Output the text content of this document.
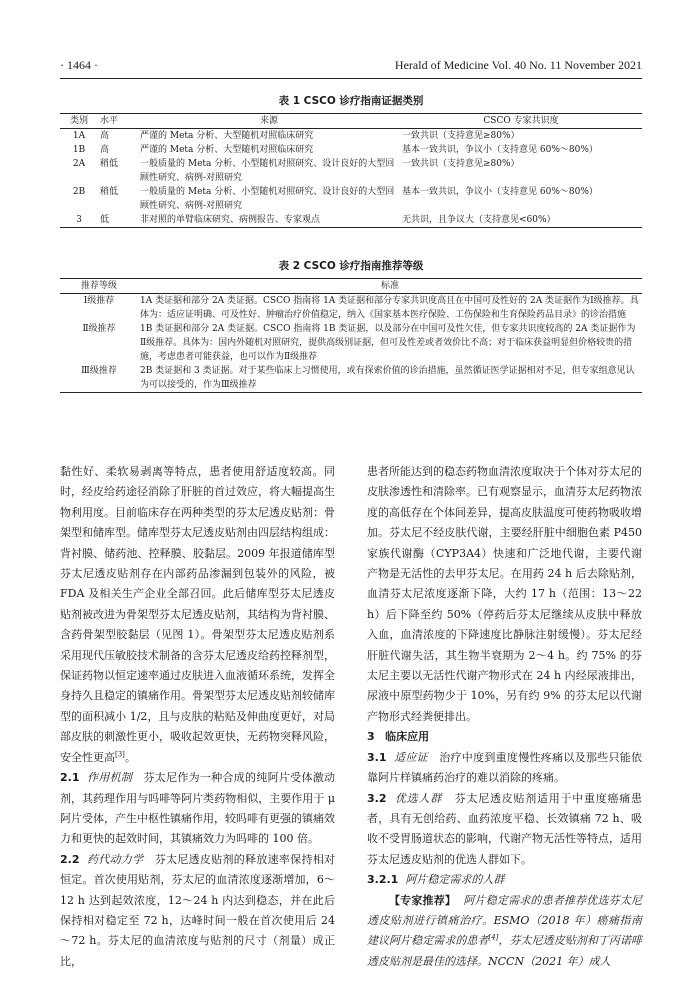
· 1464 ·	Herald of Medicine Vol. 40 No. 11 November 2021
表 1 CSCO 诊疗指南证据类别
类别	水平	来源	CSCO 专家共识度
1A	高	严谨的 Meta 分析、大型随机对照临床研究	一致共识（支持意见≥80%）
1B	高	严谨的 Meta 分析、大型随机对照临床研究	基本一致共识，争议小（支持意见 60%～80%）
2A	稍低	一般质量的 Meta 分析、小型随机对照研究、设计良好的大型回顾性研究、病例-对照研究	一致共识（支持意见≥80%）
2B	稍低	一般质量的 Meta 分析、小型随机对照研究、设计良好的大型回顾性研究、病例-对照研究	基本一致共识，争议小（支持意见 60%～80%）
3	低	非对照的单臂临床研究、病例报告、专家观点	无共识，且争议大（支持意见<60%）
表 2 CSCO 诊疗指南推荐等级
推荐等级	标准
Ⅰ级推荐	1A 类证据和部分 2A 类证据。CSCO 指南将 1A 类证据和部分专家共识度高且在中国可及性好的 2A 类证据作为Ⅰ级推荐。具体为：适应证明确、可及性好、肿瘤治疗价值稳定，纳入《国家基本医疗保险、工伤保险和生育保险药品目录》的诊治措施
Ⅱ级推荐	1B 类证据和部分 2A 类证据。CSCO 指南将 1B 类证据，以及部分在中国可及性欠佳，但专家共识度较高的 2A 类证据作为Ⅱ级推荐。具体为：国内外随机对照研究，提供高级别证据，但可及性差或者效价比不高；对于临床获益明显但价格较贵的措施，考虑患者可能获益，也可以作为Ⅱ级推荐
Ⅲ级推荐	2B 类证据和 3 类证据。对于某些临床上习惯使用，或有探索价值的诊治措施，虽然循证医学证据相对不足，但专家组意见认为可以接受的，作为Ⅲ级推荐

黏性好、柔软易剥离等特点，患者使用舒适度较高。同时，经皮给药途径消除了肝脏的首过效应，将大幅提高生物利用度。目前临床存在两种类型的芬太尼透皮贴剂：骨架型和储库型。储库型芬太尼透皮贴剂由四层结构组成：背衬膜、储药池、控释膜、胶黏层。2009 年报道储库型芬太尼透皮贴剂存在内部药品渗漏到包装外的风险，被 FDA 及相关生产企业全部召回。此后储库型芬太尼透皮贴剂被改进为骨架型芬太尼透皮贴剂，其结构为背衬膜、含药骨架型胶黏层（见图 1）。骨架型芬太尼透皮贴剂系采用现代压敏胶技术制备的含芬太尼透皮给药控释剂型，保证药物以恒定速率通过皮肤进入血液循环系统，发挥全身持久且稳定的镇痛作用。骨架型芬太尼透皮贴剂较储库型的面积减小 1/2，且与皮肤的粘贴及伸曲度更好，对局部皮肤的刺激性更小，吸收起效更快，无药物突释风险，安全性更高[3]。

2.1 作用机制 芬太尼作为一种合成的纯阿片受体激动剂，其药理作用与吗啡等阿片类药物相似，主要作用于 μ 阿片受体，产生中枢性镇痛作用，较吗啡有更强的镇痛效力和更快的起效时间，其镇痛效力为吗啡的 100 倍。

2.2 药代动力学 芬太尼透皮贴剂的释放速率保持相对恒定。首次使用贴剂，芬太尼的血清浓度逐渐增加，6～12 h 达到起效浓度，12～24 h 内达到稳态，并在此后保持相对稳定至 72 h，达峰时间一般在首次使用后 24～72 h。芬太尼的血清浓度与贴剂的尺寸（剂量）成正比，

患者所能达到的稳态药物血清浓度取决于个体对芬太尼的皮肤渗透性和清除率。已有观察显示，血清芬太尼药物浓度的高低存在个体间差异，提高皮肤温度可使药物吸收增加。芬太尼不经皮肤代谢，主要经肝脏中细胞色素 P450 家族代谢酶（CYP3A4）快速和广泛地代谢，主要代谢产物是无活性的去甲芬太尼。在用药 24 h 后去除贴剂，血清芬太尼浓度逐渐下降，大约 17 h（范围：13～22 h）后下降至约 50%（停药后芬太尼继续从皮肤中释放入血，血清浓度的下降速度比静脉注射缓慢）。芬太尼经肝脏代谢失活，其生物半衰期为 2～4 h。约 75% 的芬太尼主要以无活性代谢产物形式在 24 h 内经尿液排出，尿液中原型药物少于 10%，另有约 9% 的芬太尼以代谢产物形式经粪便排出。

3 临床应用

3.1 适应证 治疗中度到重度慢性疼痛以及那些只能依靠阿片样镇痛药治疗的难以消除的疼痛。

3.2 优选人群 芬太尼透皮贴剂适用于中重度癌痛患者，具有无创给药、血药浓度平稳、长效镇痛 72 h、吸收不受胃肠道状态的影响，代谢产物无活性等特点，适用芬太尼透皮贴剂的优选人群如下。

3.2.1 阿片稳定需求的人群

【专家推荐】 阿片稳定需求的患者推荐优选芬太尼透皮贴剂进行镇痛治疗。ESMO（2018 年）癌痛指南建议阿片稳定需求的患者[4]，芬太尼透皮贴剂和丁丙诺啡透皮贴剂是最佳的选择。NCCN（2021 年）成人
